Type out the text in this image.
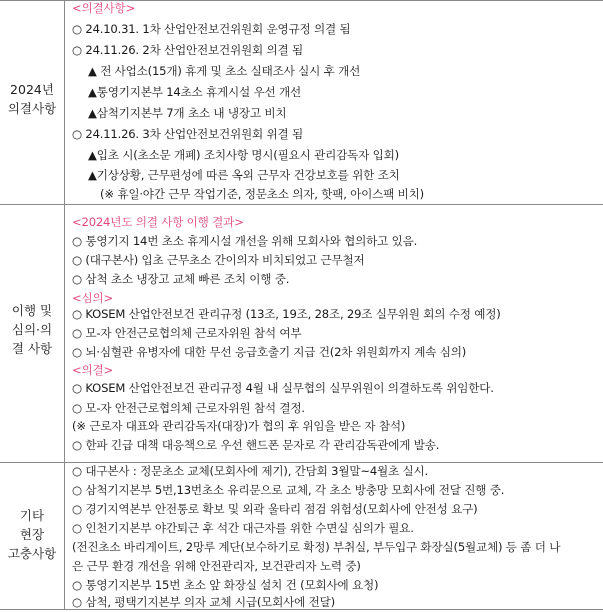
2024년
의결사항
<의결사항>
○ 24.10.31. 1차 산업안전보건위원회 운영규정 의결 됨
○ 24.11.26. 2차 산업안전보건위원회 의결 됨
▲ 전 사업소(15개) 휴게 및 초소 실태조사 실시 후 개선
▲통영기지본부 14초소 휴게시설 우선 개선
▲삼척기지본부 7개 초소 내 냉장고 비치
○ 24.11.26. 3차 산업안전보건위원회 위결 됨
▲입초 시(초소문 개폐) 조치사항 명시(필요시 관리감독자 입회)
▲기상상황, 근무편성에 따른 옥외 근무자 건강보호를 위한 조치
(※ 휴일·야간 근무 작업기준, 정문초소 의자, 핫팩, 아이스팩 비치)
이행 및
심의·의
결 사항
<2024년도 의결 사항 이행 결과>
○ 통영기지 14번 초소 휴게시설 개선을 위해 모회사와 협의하고 있음.
○ (대구본사) 입초 근무초소 간이의자 비치되었고 근무철저
○ 삼척 초소 냉장고 교체 빠른 조치 이행 중.
<심의>
○ KOSEM 산업안전보건 관리규정 (13조, 19조, 28조, 29조 실무위원 회의 수정 예정)
○ 모-자 안전근로협의체 근로자위원 참석 여부
○ 뇌·심혈관 유병자에 대한 무선 응급호출기 지급 건(2차 위원회까지 계속 심의)
<의결>
○ KOSEM 산업안전보건 관리규정 4월 내 실무협의 실무위원이 의결하도록 위임한다.
○ 모-자 안전근로협의체 근로자위원 참석 결정.
(※ 근로자 대표와 관리감독자(대장)가 협의 후 위임을 받은 자 참석)
○ 한파 긴급 대책 대응책으로 우선 핸드폰 문자로 각 관리감독관에게 발송.
기타
현장
고충사항
○ 대구본사 : 정문초소 교체(모회사에 제기), 간담회 3월말~4월초 실시.
○ 삼척기지본부 5번,13번초소 유리문으로 교체, 각 초소 방충망 모회사에 전달 진행 중.
○ 경기지역본부 안전통로 확보 및 외곽 울타리 점검 위험성(모회사에 안전성 요구)
○ 인천기지본부 야간퇴근 후 석간 대근자를 위한 수면실 심의가 필요.
(전진초소 바리게이트, 2망루 계단(보수하기로 확정) 부취실, 부두입구 화장실(5월교체) 등 좀 더 나
은 근무 환경 개선을 위해 안전관리자, 보건관리자 노력 중)
○ 통영기지본부 15번 초소 앞 화장실 설치 건 (모회사에 요청)
○ 삼척, 평택기지본부 의자 교체 시급(모회사에 전달)
